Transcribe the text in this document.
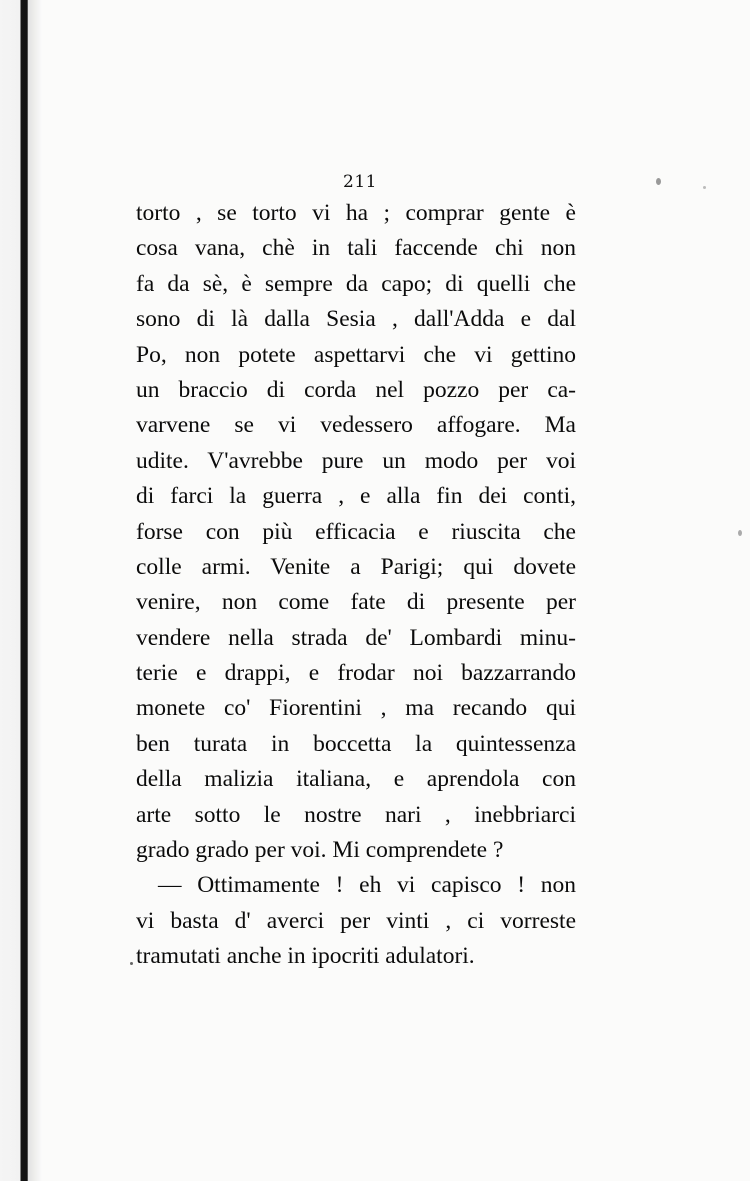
211
torto , se torto vi ha ; comprar gente è
cosa vana, chè in tali faccende chi non
fa da sè, è sempre da capo; di quelli che
sono di là dalla Sesia , dall'Adda e dal
Po, non potete aspettarvi che vi gettino
un braccio di corda nel pozzo per ca-
varvene se vi vedessero affogare. Ma
udite. V'avrebbe pure un modo per voi
di farci la guerra , e alla fin dei conti,
forse con più efficacia e riuscita che
colle armi. Venite a Parigi; qui dovete
venire, non come fate di presente per
vendere nella strada de' Lombardi minu-
terie e drappi, e frodar noi bazzarrando
monete co' Fiorentini , ma recando qui
ben turata in boccetta la quintessenza
della malizia italiana, e aprendola con
arte sotto le nostre nari , inebbriarci
grado grado per voi. Mi comprendete ?
— Ottimamente ! eh vi capisco ! non
vi basta d' averci per vinti , ci vorreste
tramutati anche in ipocriti adulatori.
